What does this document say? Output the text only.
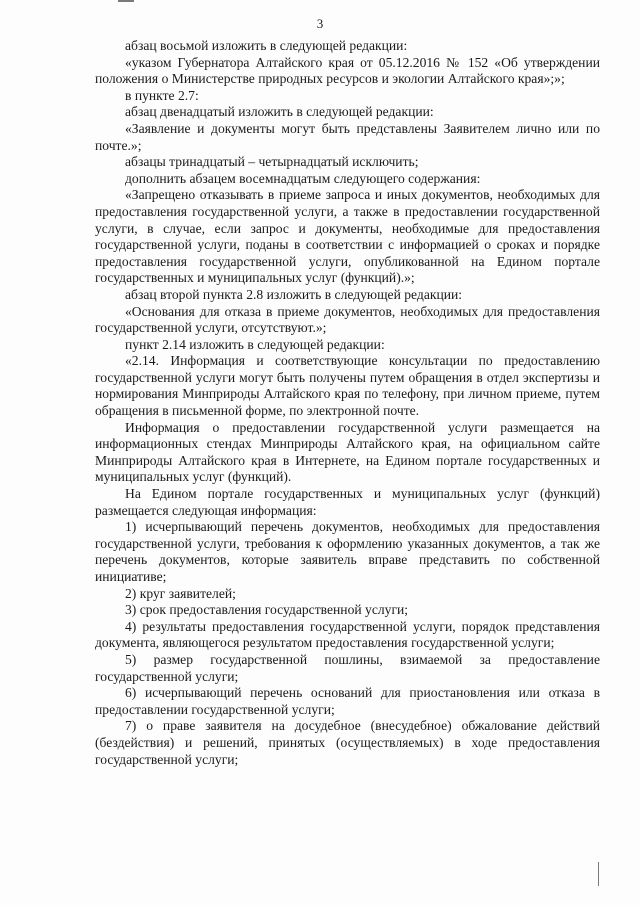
3

абзац восьмой изложить в следующей редакции:

«указом Губернатора Алтайского края от 05.12.2016 № 152 «Об утверждении положения о Министерстве природных ресурсов и экологии Алтайского края»;»;

в пункте 2.7:

абзац двенадцатый изложить в следующей редакции:

«Заявление и документы могут быть представлены Заявителем лично или по почте.»;

абзацы тринадцатый – четырнадцатый исключить;

дополнить абзацем восемнадцатым следующего содержания:

«Запрещено отказывать в приеме запроса и иных документов, необходимых для предоставления государственной услуги, а также в предоставлении государственной услуги, в случае, если запрос и документы, необходимые для предоставления государственной услуги, поданы в соответствии с информацией о сроках и порядке предоставления государственной услуги, опубликованной на Едином портале государственных и муниципальных услуг (функций).»;

абзац второй пункта 2.8 изложить в следующей редакции:

«Основания для отказа в приеме документов, необходимых для предоставления государственной услуги, отсутствуют.»;

пункт 2.14 изложить в следующей редакции:

«2.14. Информация и соответствующие консультации по предоставлению государственной услуги могут быть получены путем обращения в отдел экспертизы и нормирования Минприроды Алтайского края по телефону, при личном приеме, путем обращения в письменной форме, по электронной почте.

Информация о предоставлении государственной услуги размещается на информационных стендах Минприроды Алтайского края, на официальном сайте Минприроды Алтайского края в Интернете, на Едином портале государственных и муниципальных услуг (функций).

На Едином портале государственных и муниципальных услуг (функций) размещается следующая информация:

1) исчерпывающий перечень документов, необходимых для предоставления государственной услуги, требования к оформлению указанных документов, а так же перечень документов, которые заявитель вправе представить по собственной инициативе;

2) круг заявителей;

3) срок предоставления государственной услуги;

4) результаты предоставления государственной услуги, порядок представления документа, являющегося результатом предоставления государственной услуги;

5) размер государственной пошлины, взимаемой за предоставление государственной услуги;

6) исчерпывающий перечень оснований для приостановления или отказа в предоставлении государственной услуги;

7) о праве заявителя на досудебное (внесудебное) обжалование действий (бездействия) и решений, принятых (осуществляемых) в ходе предоставления государственной услуги;
